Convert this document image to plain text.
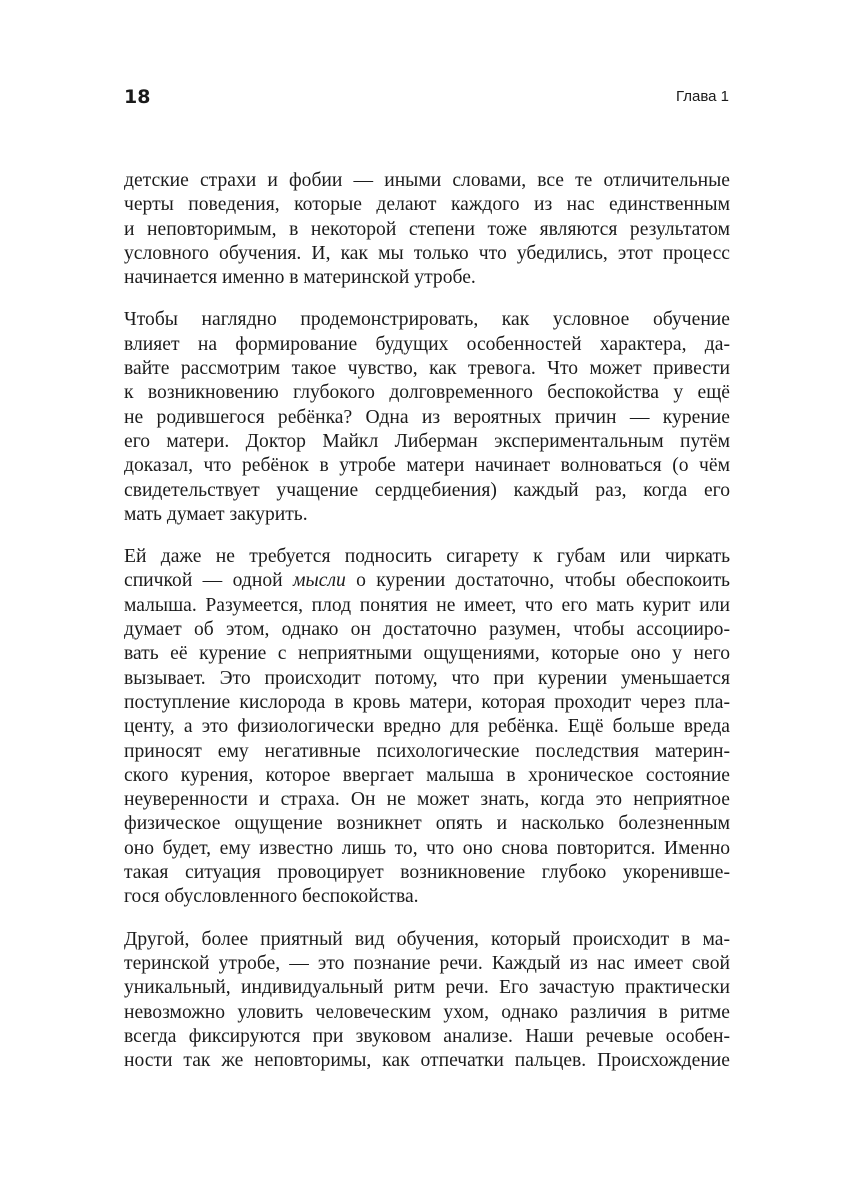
18	Глава 1

детские страхи и фобии — иными словами, все те отличительные
черты поведения, которые делают каждого из нас единственным
и неповторимым, в некоторой степени тоже являются результатом
условного обучения. И, как мы только что убедились, этот процесс
начинается именно в материнской утробе.

Чтобы наглядно продемонстрировать, как условное обучение
влияет на формирование будущих особенностей характера, да-
вайте рассмотрим такое чувство, как тревога. Что может привести
к возникновению глубокого долговременного беспокойства у ещё
не родившегося ребёнка? Одна из вероятных причин — курение
его матери. Доктор Майкл Либерман экспериментальным путём
доказал, что ребёнок в утробе матери начинает волноваться (о чём
свидетельствует учащение сердцебиения) каждый раз, когда его
мать думает закурить.

Ей даже не требуется подносить сигарету к губам или чиркать
спичкой — одной мысли о курении достаточно, чтобы обеспокоить
малыша. Разумеется, плод понятия не имеет, что его мать курит или
думает об этом, однако он достаточно разумен, чтобы ассоцииро-
вать её курение с неприятными ощущениями, которые оно у него
вызывает. Это происходит потому, что при курении уменьшается
поступление кислорода в кровь матери, которая проходит через пла-
центу, а это физиологически вредно для ребёнка. Ещё больше вреда
приносят ему негативные психологические последствия материн-
ского курения, которое ввергает малыша в хроническое состояние
неуверенности и страха. Он не может знать, когда это неприятное
физическое ощущение возникнет опять и насколько болезненным
оно будет, ему известно лишь то, что оно снова повторится. Именно
такая ситуация провоцирует возникновение глубоко укоренивше-
гося обусловленного беспокойства.

Другой, более приятный вид обучения, который происходит в ма-
теринской утробе, — это познание речи. Каждый из нас имеет свой
уникальный, индивидуальный ритм речи. Его зачастую практически
невозможно уловить человеческим ухом, однако различия в ритме
всегда фиксируются при звуковом анализе. Наши речевые особен-
ности так же неповторимы, как отпечатки пальцев. Происхождение
